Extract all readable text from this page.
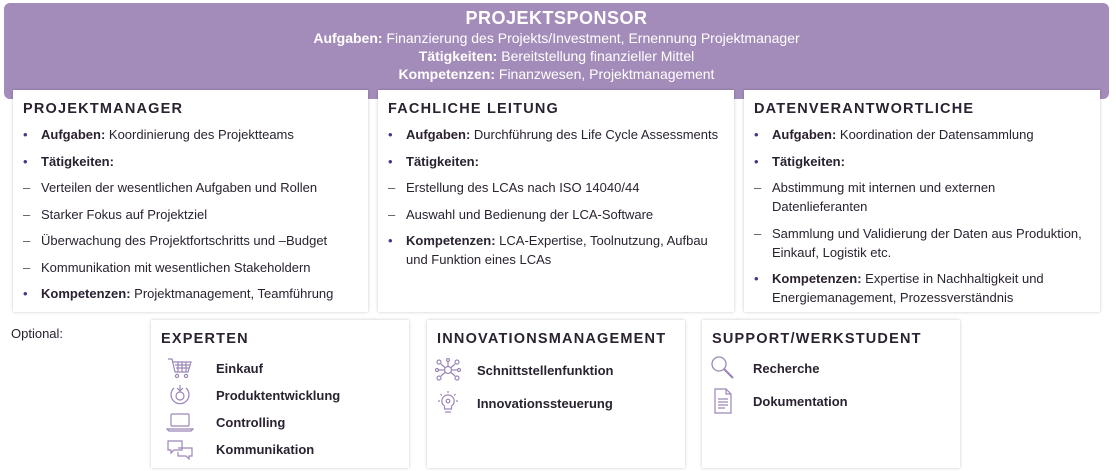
PROJEKTSPONSOR
Aufgaben: Finanzierung des Projekts/Investment, Ernennung Projektmanager
Tätigkeiten: Bereitstellung finanzieller Mittel
Kompetenzen: Finanzwesen, Projektmanagement
PROJEKTMANAGER
•	Aufgaben: Koordinierung des Projektteams
•	Tätigkeiten:
– Verteilen der wesentlichen Aufgaben und Rollen
– Starker Fokus auf Projektziel
– Überwachung des Projektfortschritts und –Budget
– Kommunikation mit wesentlichen Stakeholdern
•	Kompetenzen: Projektmanagement, Teamführung
FACHLICHE LEITUNG
•	Aufgaben: Durchführung des Life Cycle Assessments
•	Tätigkeiten:
– Erstellung des LCAs nach ISO 14040/44
– Auswahl und Bedienung der LCA-Software
•	Kompetenzen: LCA-Expertise, Toolnutzung, Aufbau und Funktion eines LCAs
DATENVERANTWORTLICHE
•	Aufgaben: Koordination der Datensammlung
•	Tätigkeiten:
– Abstimmung mit internen und externen Datenlieferanten
– Sammlung und Validierung der Daten aus Produktion, Einkauf, Logistik etc.
•	Kompetenzen: Expertise in Nachhaltigkeit und Energiemanagement, Prozessverständnis
Optional:	EXPERTEN
Einkauf
Produktentwicklung
Controlling
Kommunikation
INNOVATIONSMANAGEMENT
Schnittstellenfunktion
Innovationssteuerung
SUPPORT/WERKSTUDENT
Recherche
Dokumentation
